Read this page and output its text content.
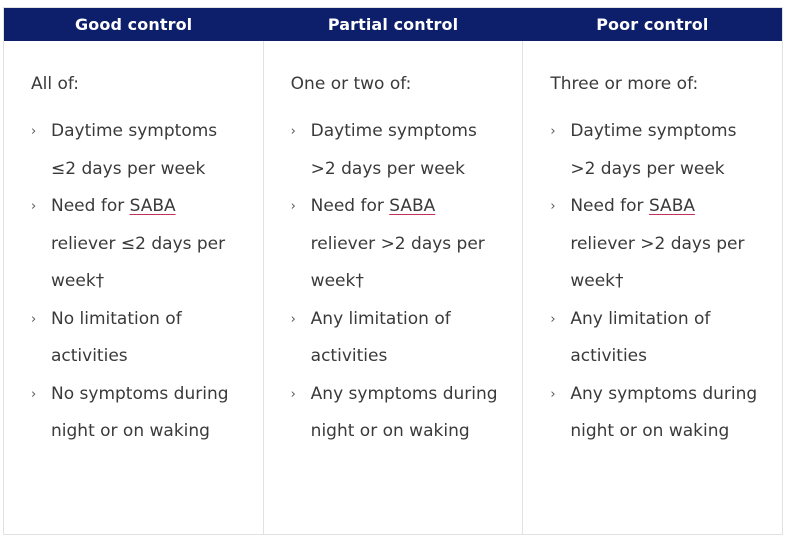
Good control	Partial control	Poor control

All of:

› Daytime symptoms ≤2 days per week
› Need for SABA reliever ≤2 days per week†
› No limitation of activities
› No symptoms during night or on waking

One or two of:

› Daytime symptoms >2 days per week
› Need for SABA reliever >2 days per week†
› Any limitation of activities
› Any symptoms during night or on waking

Three or more of:

› Daytime symptoms >2 days per week
› Need for SABA reliever >2 days per week†
› Any limitation of activities
› Any symptoms during night or on waking
